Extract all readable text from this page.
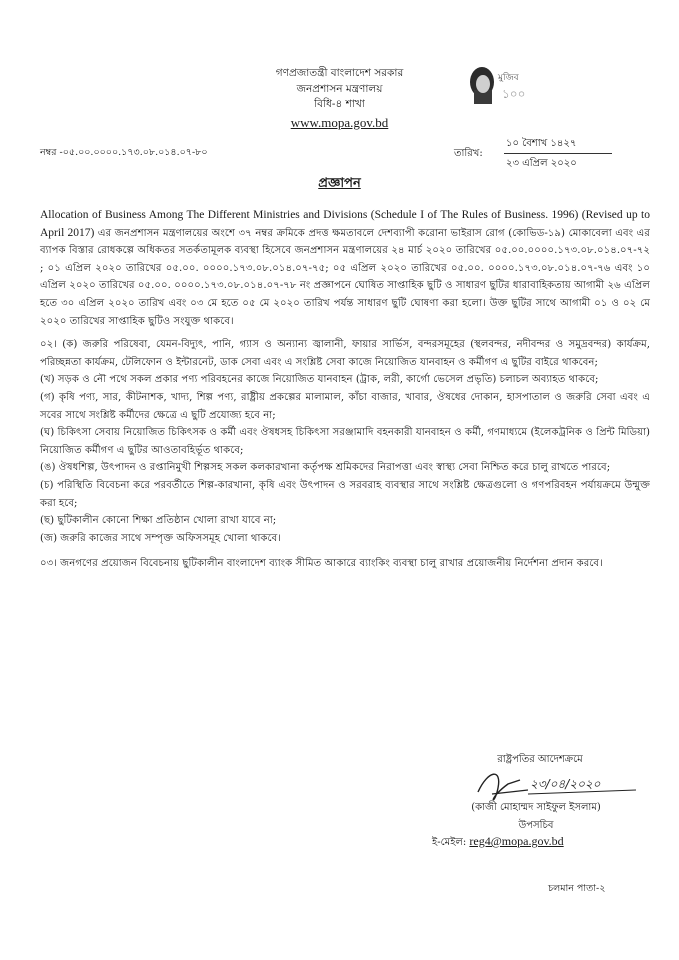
গণপ্রজাতন্ত্রী বাংলাদেশ সরকার
জনপ্রশাসন মন্ত্রণালয়
বিধি-৪ শাখা
www.mopa.gov.bd
মুজিব
১০০
নম্বর -০৫.০০.০০০০.১৭৩.০৮.০১৪.০৭-৮০	তারিখ:
১০ বৈশাখ ১৪২৭
২৩ এপ্রিল ২০২০
প্রজ্ঞাপন

Allocation of Business Among The Different Ministries and Divisions (Schedule I of The Rules of Business. 1996) (Revised up to April 2017) এর জনপ্রশাসন মন্ত্রণালয়ের অংশে ৩৭ নম্বর ক্রমিকে প্রদত্ত ক্ষমতাবলে দেশব্যাপী করোনা ভাইরাস রোগ (কোভিড-১৯) মোকাবেলা এবং এর ব্যাপক বিস্তার রোধকল্পে অধিকতর সতর্কতামূলক ব্যবস্থা হিসেবে জনপ্রশাসন মন্ত্রণালয়ের ২৪ মার্চ ২০২০ তারিখের ০৫.০০.০০০০.১৭৩.০৮.০১৪.০৭-৭২ ; ০১ এপ্রিল ২০২০ তারিখের ০৫.০০. ০০০০.১৭৩.০৮.০১৪.০৭-৭৫; ০৫ এপ্রিল ২০২০ তারিখের ০৫.০০. ০০০০.১৭৩.০৮.০১৪.০৭-৭৬ এবং ১০ এপ্রিল ২০২০ তারিখের ০৫.০০. ০০০০.১৭৩.০৮.০১৪.০৭-৭৮ নং প্রজ্ঞাপনে ঘোষিত সাপ্তাহিক ছুটি ও সাধারণ ছুটির ধারাবাহিকতায় আগামী ২৬ এপ্রিল হতে ৩০ এপ্রিল ২০২০ তারিখ এবং ০৩ মে হতে ০৫ মে ২০২০ তারিখ পর্যন্ত সাধারণ ছুটি ঘোষণা করা হলো। উক্ত ছুটির সাথে আগামী ০১ ও ০২ মে ২০২০ তারিখের সাপ্তাহিক ছুটিও সংযুক্ত থাকবে।

০২। (ক) জরুরি পরিষেবা, যেমন-বিদ্যুৎ, পানি, গ্যাস ও অন্যান্য জ্বালানী, ফায়ার সার্ভিস, বন্দরসমূহের (স্থলবন্দর, নদীবন্দর ও সমুদ্রবন্দর) কার্যক্রম, পরিচ্ছন্নতা কার্যক্রম, টেলিফোন ও ইন্টারনেট, ডাক সেবা এবং এ সংশ্লিষ্ট সেবা কাজে নিয়োজিত যানবাহন ও কর্মীগণ এ ছুটির বাইরে থাকবেন;

(খ) সড়ক ও নৌ পথে সকল প্রকার পণ্য পরিবহনের কাজে নিয়োজিত যানবাহন (ট্রাক, লরী, কার্গো ভেসেল প্রভৃতি) চলাচল অব্যাহত থাকবে;

(গ) কৃষি পণ্য, সার, কীটনাশক, খাদ্য, শিল্প পণ্য, রাষ্ট্রীয় প্রকল্পের মালামাল, কাঁচা বাজার, খাবার, ঔষধের দোকান, হাসপাতাল ও জরুরি সেবা এবং এ সবের সাথে সংশ্লিষ্ট কর্মীদের ক্ষেত্রে এ ছুটি প্রযোজ্য হবে না;

(ঘ) চিকিৎসা সেবায় নিয়োজিত চিকিৎসক ও কর্মী এবং ঔষধসহ চিকিৎসা সরঞ্জামাদি বহনকারী যানবাহন ও কর্মী, গণমাধ্যমে (ইলেকট্রনিক ও প্রিন্ট মিডিয়া) নিয়োজিত কর্মীগণ এ ছুটির আওতাবহির্ভূত থাকবে;

(ঙ) ঔষধশিল্প, উৎপাদন ও রপ্তানিমুখী শিল্পসহ সকল কলকারখানা কর্তৃপক্ষ শ্রমিকদের নিরাপত্তা এবং স্বাস্থ্য সেবা নিশ্চিত করে চালু রাখতে পারবে;

(চ) পরিস্থিতি বিবেচনা করে পরবর্তীতে শিল্প-কারখানা, কৃষি এবং উৎপাদন ও সরবরাহ ব্যবস্থার সাথে সংশ্লিষ্ট ক্ষেত্রগুলো ও গণপরিবহন পর্যায়ক্রমে উন্মুক্ত করা হবে;

(ছ) ছুটিকালীন কোনো শিক্ষা প্রতিষ্ঠান খোলা রাখা যাবে না;

(জ) জরুরি কাজের সাথে সম্পৃক্ত অফিসসমূহ খোলা থাকবে।

০৩। জনগণের প্রয়োজন বিবেচনায় ছুটিকালীন বাংলাদেশ ব্যাংক সীমিত আকারে ব্যাংকিং ব্যবস্থা চালু রাখার প্রয়োজনীয় নির্দেশনা প্রদান করবে।

রাষ্ট্রপতির আদেশক্রমে
২৩/০৪/২০২০
(কাজী মোহাম্মদ সাইফুল ইসলাম)
উপসচিব
ই-মেইল: reg4@mopa.gov.bd
চলমান পাতা-২
